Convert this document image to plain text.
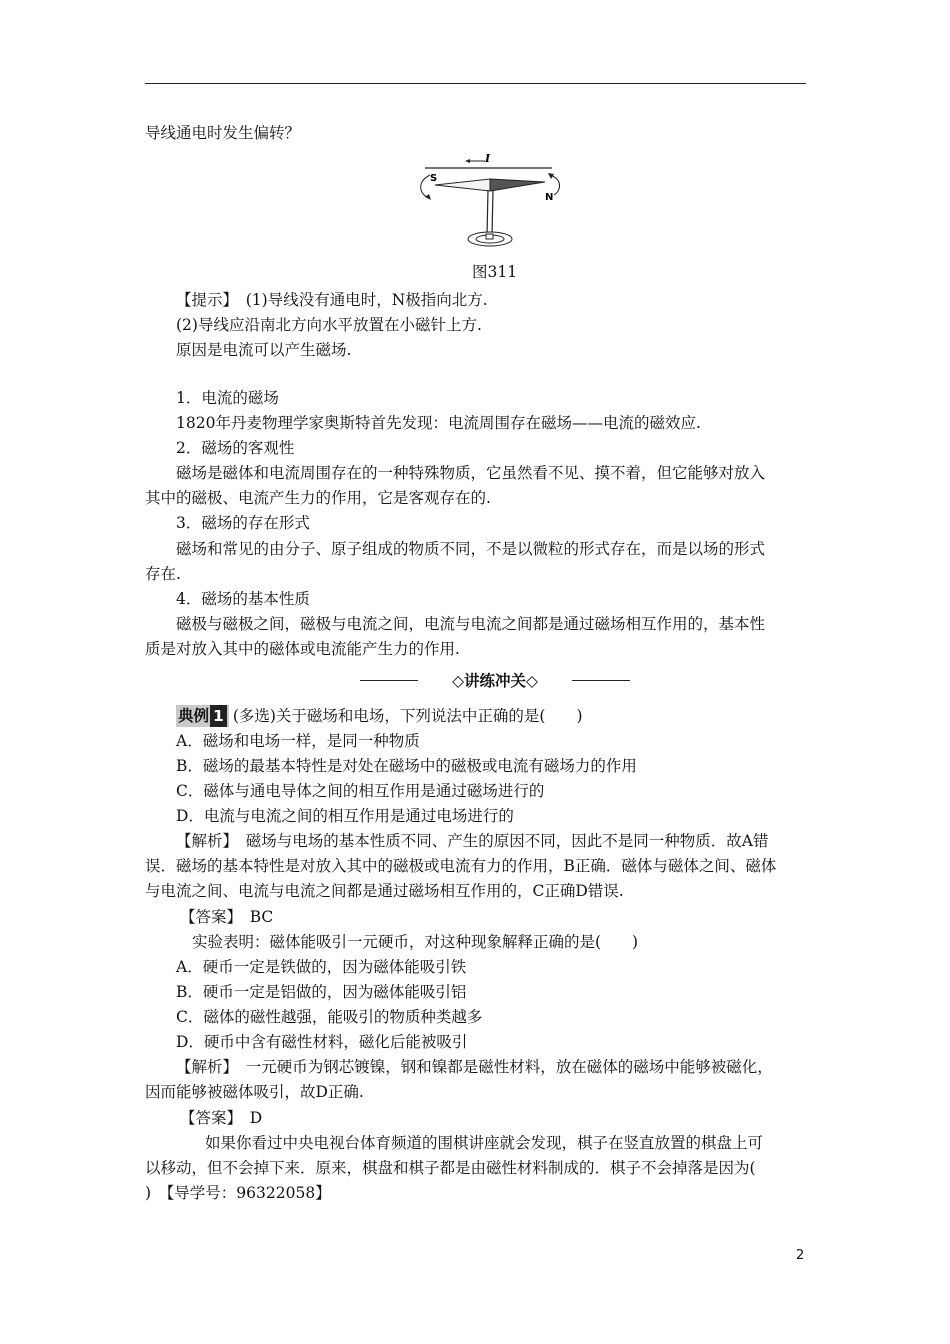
导线通电时发生偏转？
I
S
N
图311
【提示】　(1)导线没有通电时，N极指向北方.
(2)导线应沿南北方向水平放置在小磁针上方.
原因是电流可以产生磁场.
1．电流的磁场
1820年丹麦物理学家奥斯特首先发现：电流周围存在磁场——电流的磁效应.
2．磁场的客观性
磁场是磁体和电流周围存在的一种特殊物质，它虽然看不见、摸不着，但它能够对放入
其中的磁极、电流产生力的作用，它是客观存在的.
3．磁场的存在形式
磁场和常见的由分子、原子组成的物质不同，不是以微粒的形式存在，而是以场的形式
存在.
4．磁场的基本性质
磁极与磁极之间，磁极与电流之间，电流与电流之间都是通过磁场相互作用的，基本性
质是对放入其中的磁体或电流能产生力的作用.
◇讲练冲关◇
典例 1 (多选)关于磁场和电场，下列说法中正确的是(　　)
A．磁场和电场一样，是同一种物质
B．磁场的最基本特性是对处在磁场中的磁极或电流有磁场力的作用
C．磁体与通电导体之间的相互作用是通过磁场进行的
D．电流与电流之间的相互作用是通过电场进行的
【解析】　磁场与电场的基本性质不同、产生的原因不同，因此不是同一种物质．故A错
误．磁场的基本特性是对放入其中的磁极或电流有力的作用，B正确．磁体与磁体之间、磁体
与电流之间、电流与电流之间都是通过磁场相互作用的，C正确D错误.
【答案】　BC
实验表明：磁体能吸引一元硬币，对这种现象解释正确的是(　　)
A．硬币一定是铁做的，因为磁体能吸引铁
B．硬币一定是铝做的，因为磁体能吸引铝
C．磁体的磁性越强，能吸引的物质种类越多
D．硬币中含有磁性材料，磁化后能被吸引
【解析】　一元硬币为钢芯镀镍，钢和镍都是磁性材料，放在磁体的磁场中能够被磁化，
因而能够被磁体吸引，故D正确.
【答案】　D
如果你看过中央电视台体育频道的围棋讲座就会发现，棋子在竖直放置的棋盘上可
以移动，但不会掉下来．原来，棋盘和棋子都是由磁性材料制成的．棋子不会掉落是因为(
)　【导学号：96322058】
2
